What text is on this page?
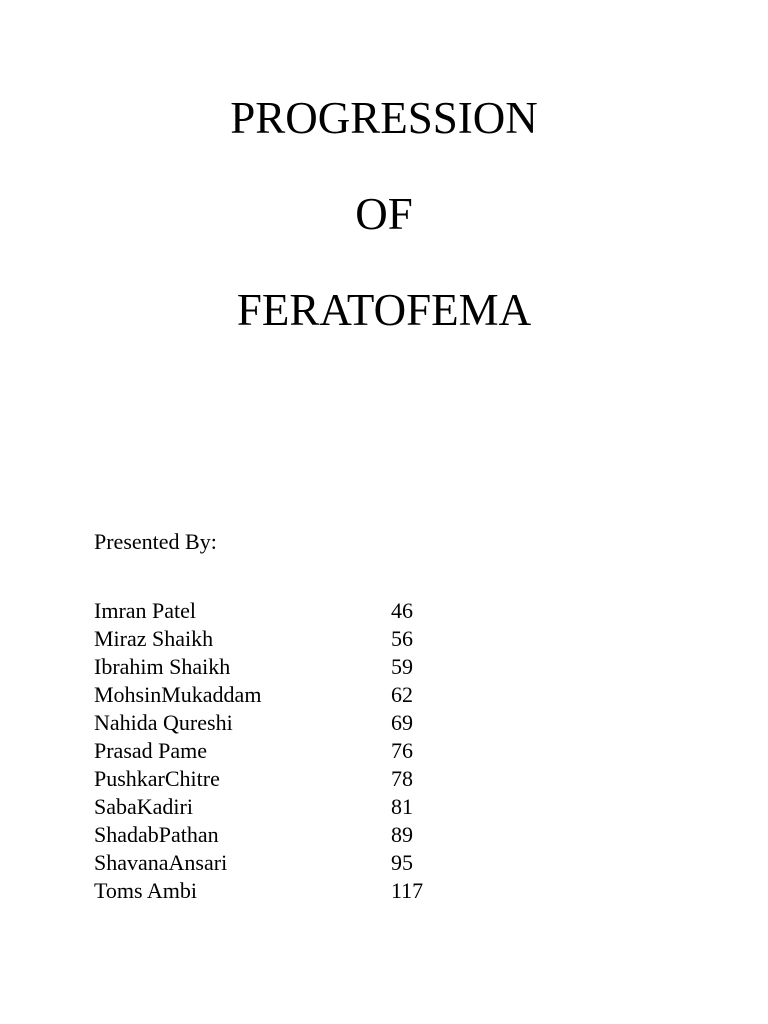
PROGRESSION
OF
FERATOFEMA
Presented By:
Imran Patel	46
Miraz Shaikh	56
Ibrahim Shaikh	59
MohsinMukaddam	62
Nahida Qureshi	69
Prasad Pame	76
PushkarChitre	78
SabaKadiri	81
ShadabPathan	89
ShavanaAnsari	95
Toms Ambi	117
